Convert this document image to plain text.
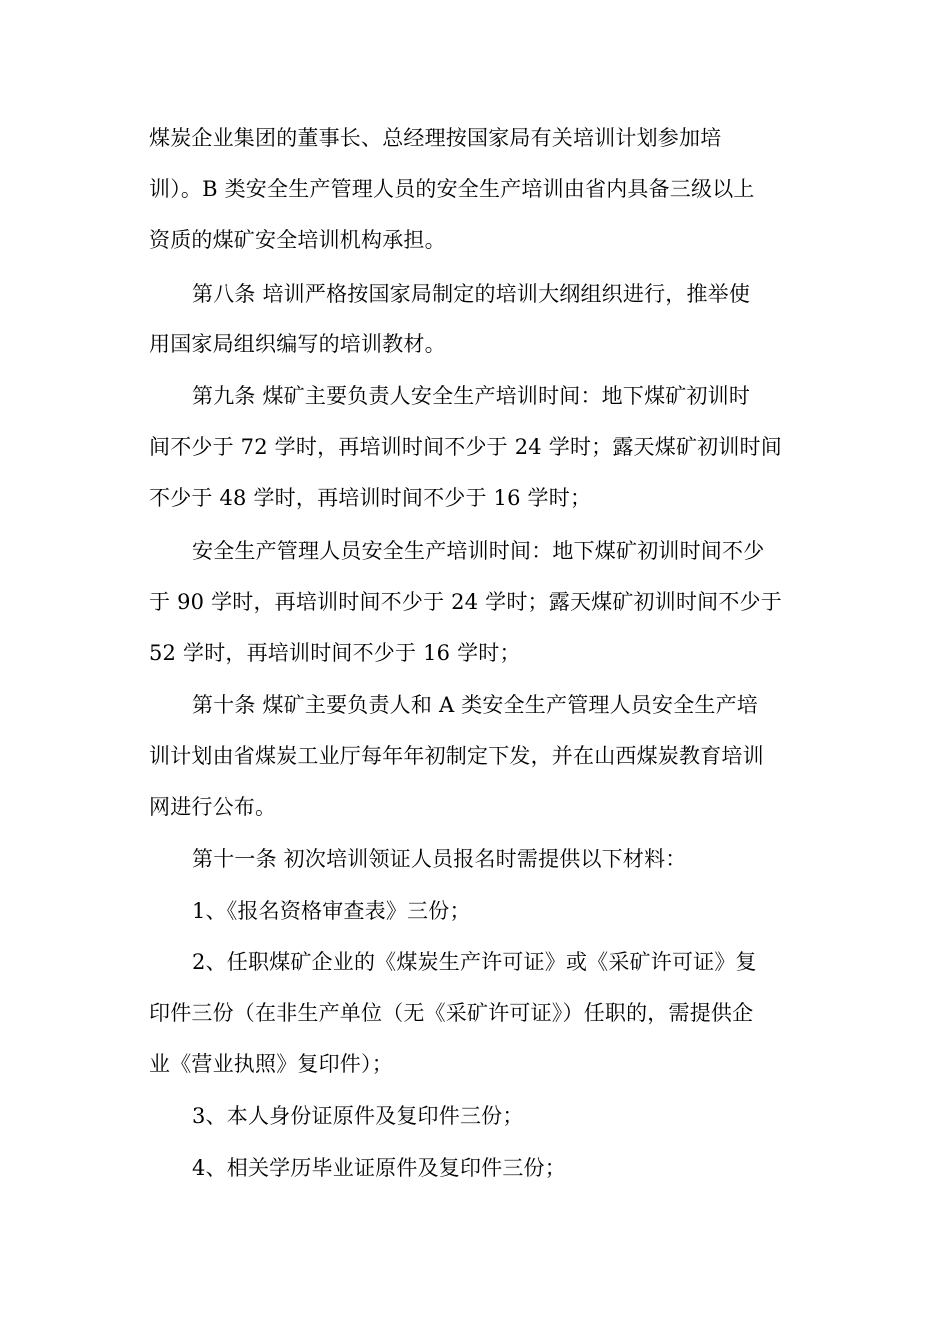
煤炭企业集团的董事长、总经理按国家局有关培训计划参加培
训）。B 类安全生产管理人员的安全生产培训由省内具备三级以上
资质的煤矿安全培训机构承担。
第八条 培训严格按国家局制定的培训大纲组织进行，推举使
用国家局组织编写的培训教材。
第九条 煤矿主要负责人安全生产培训时间：地下煤矿初训时
间不少于 72 学时，再培训时间不少于 24 学时；露天煤矿初训时间
不少于 48 学时，再培训时间不少于 16 学时；
安全生产管理人员安全生产培训时间：地下煤矿初训时间不少
于 90 学时，再培训时间不少于 24 学时；露天煤矿初训时间不少于
52 学时，再培训时间不少于 16 学时；
第十条 煤矿主要负责人和 A 类安全生产管理人员安全生产培
训计划由省煤炭工业厅每年年初制定下发，并在山西煤炭教育培训
网进行公布。
第十一条 初次培训领证人员报名时需提供以下材料：
1、《报名资格审查表》三份；
2、任职煤矿企业的《煤炭生产许可证》或《采矿许可证》复
印件三份（在非生产单位（无《采矿许可证》）任职的，需提供企
业《营业执照》复印件）；
3、本人身份证原件及复印件三份；
4、相关学历毕业证原件及复印件三份；
